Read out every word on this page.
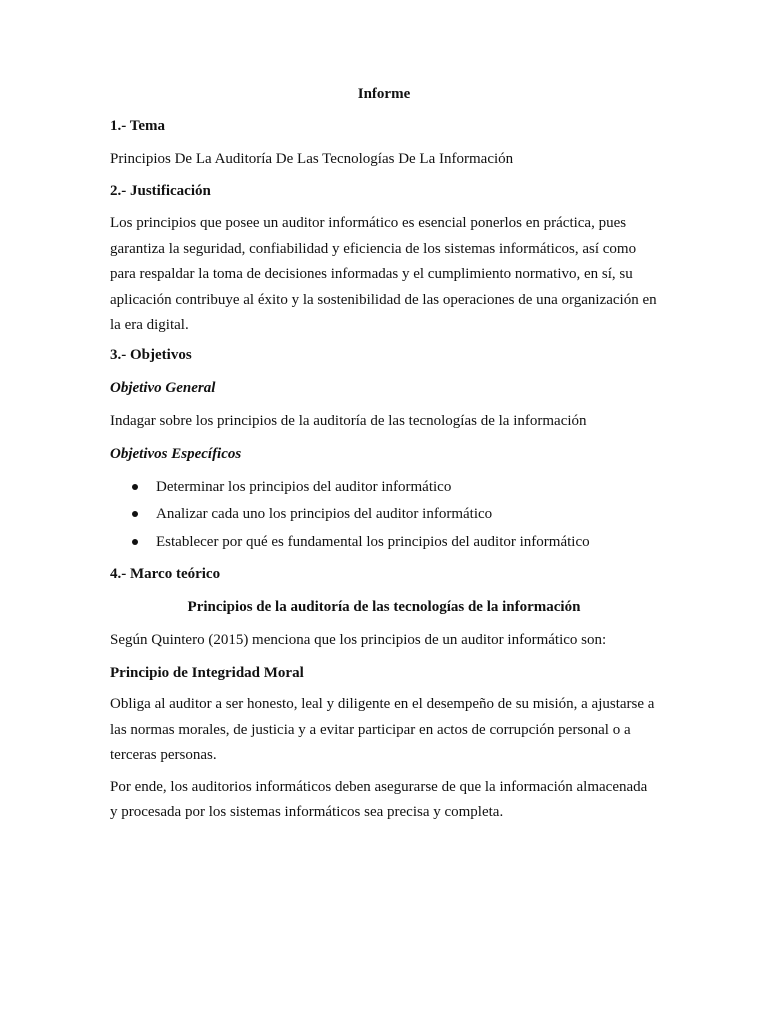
Informe

1.- Tema

Principios De La Auditoría De Las Tecnologías De La Información

2.- Justificación

Los principios que posee un auditor informático es esencial ponerlos en práctica, pues garantiza la seguridad, confiabilidad y eficiencia de los sistemas informáticos, así como para respaldar la toma de decisiones informadas y el cumplimiento normativo, en sí, su aplicación contribuye al éxito y la sostenibilidad de las operaciones de una organización en la era digital.

3.- Objetivos

Objetivo General

Indagar sobre los principios de la auditoría de las tecnologías de la información

Objetivos Específicos

Determinar los principios del auditor informático
Analizar cada uno los principios del auditor informático
Establecer por qué es fundamental los principios del auditor informático

4.- Marco teórico

Principios de la auditoría de las tecnologías de la información

Según Quintero (2015) menciona que los principios de un auditor informático son:

Principio de Integridad Moral

Obliga al auditor a ser honesto, leal y diligente en el desempeño de su misión, a ajustarse a las normas morales, de justicia y a evitar participar en actos de corrupción personal o a terceras personas.

Por ende, los auditorios informáticos deben asegurarse de que la información almacenada y procesada por los sistemas informáticos sea precisa y completa.
